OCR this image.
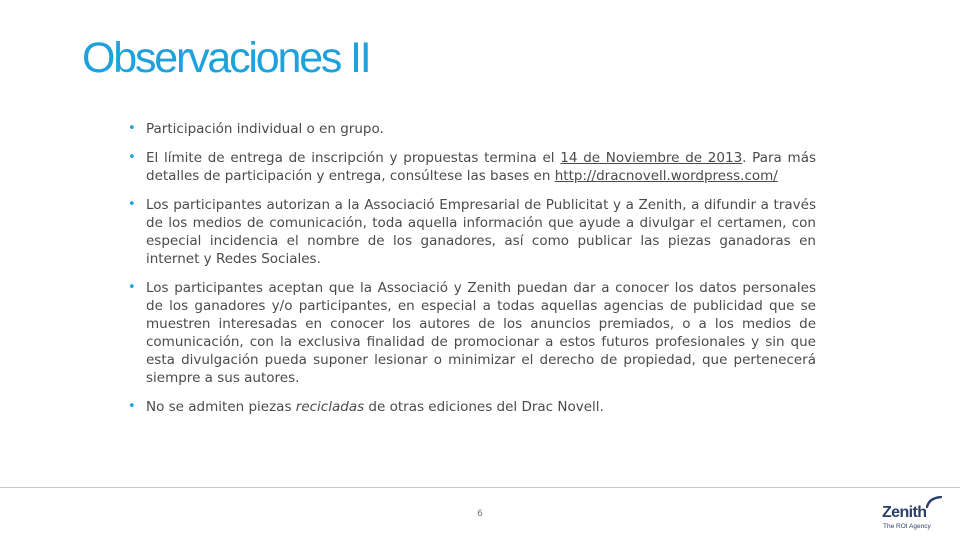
Observaciones II
• Participación individual o en grupo.
• El límite de entrega de inscripción y propuestas termina el 14 de Noviembre de 2013. Para más detalles de participación y entrega, consúltese las bases en http://dracnovell.wordpress.com/
• Los participantes autorizan a la Associació Empresarial de Publicitat y a Zenith, a difundir a través de los medios de comunicación, toda aquella información que ayude a divulgar el certamen, con especial incidencia el nombre de los ganadores, así como publicar las piezas ganadoras en internet y Redes Sociales.
• Los participantes aceptan que la Associació y Zenith puedan dar a conocer los datos personales de los ganadores y/o participantes, en especial a todas aquellas agencias de publicidad que se muestren interesadas en conocer los autores de los anuncios premiados, o a los medios de comunicación, con la exclusiva finalidad de promocionar a estos futuros profesionales y sin que esta divulgación pueda suponer lesionar o minimizar el derecho de propiedad, que pertenecerá siempre a sus autores.
• No se admiten piezas recicladas de otras ediciones del Drac Novell.
6	Zenith
The ROI Agency
